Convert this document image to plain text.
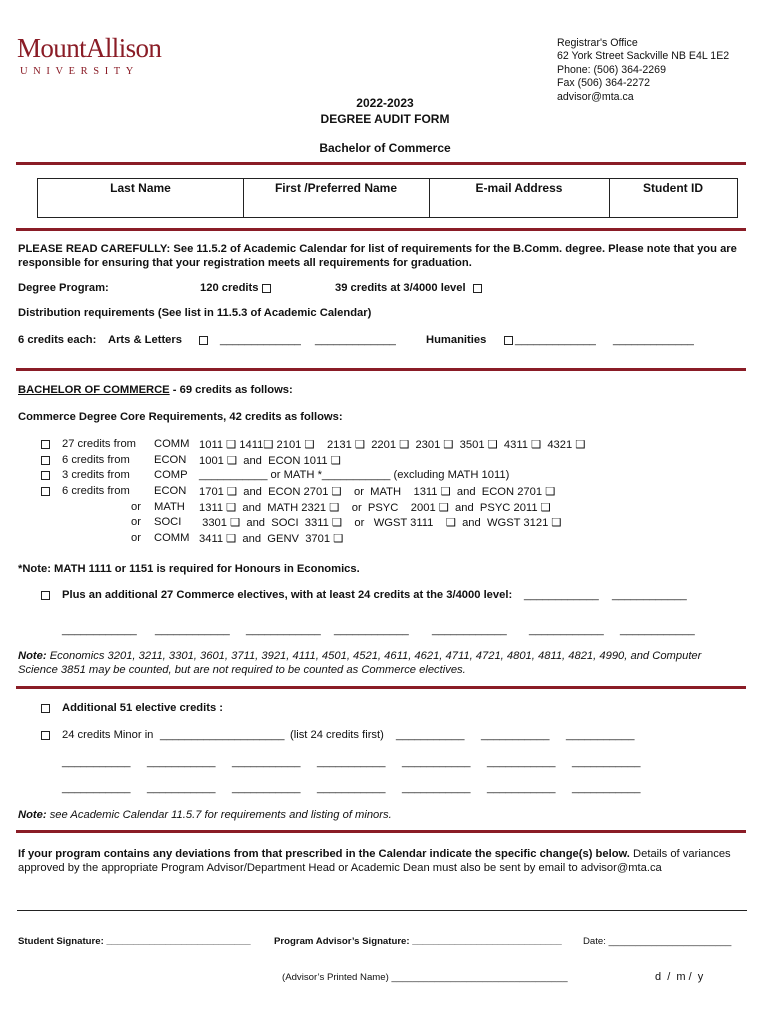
MountAllison
UNIVERSITY
Registrar's Office
62 York Street Sackville NB E4L 1E2
Phone: (506) 364-2269
Fax (506) 364-2272
advisor@mta.ca
2022-2023
DEGREE AUDIT FORM
Bachelor of Commerce
Last Name	First /Preferred Name	E-mail Address	Student ID
PLEASE READ CAREFULLY: See 11.5.2 of Academic Calendar for list of requirements for the B.Comm. degree. Please note that you are
responsible for ensuring that your registration meets all requirements for graduation.
Degree Program:	120 credits	39 credits at 3/4000 level
Distribution requirements (See list in 11.5.3 of Academic Calendar)
6 credits each: Arts & Letters	_____________ _____________	Humanities	_____________ _____________
BACHELOR OF COMMERCE - 69 credits as follows:
Commerce Degree Core Requirements, 42 credits as follows:
27 credits from COMM 1011 ❑ 1411❑ 2101 ❑    2131 ❑  2201 ❑  2301 ❑  3501 ❑  4311 ❑  4321 ❑
6 credits from ECON 1001 ❑  and  ECON 1011 ❑
3 credits from COMP ___________ or MATH *___________ (excluding MATH 1011)
6 credits from ECON 1701 ❑  and  ECON 2701 ❑    or  MATH    1311 ❑  and  ECON 2701 ❑
or MATH 1311 ❑  and  MATH 2321 ❑    or  PSYC    2001 ❑  and  PSYC 2011 ❑
or SOCI 3301 ❑  and  SOCI  3311 ❑    or   WGST 3111    ❑  and  WGST 3121 ❑
or COMM 3411 ❑  and  GENV  3701 ❑
*Note: MATH 1111 or 1151 is required for Honours in Economics.
Plus an additional 27 Commerce electives, with at least 24 credits at the 3/4000 level: ____________ ____________
____________ ____________ ____________ ____________ ____________ ____________ ____________
Note: Economics 3201, 3211, 3301, 3601, 3711, 3921, 4111, 4501, 4521, 4611, 4621, 4711, 4721, 4801, 4811, 4821, 4990, and Computer
Science 3851 may be counted, but are not required to be counted as Commerce electives.
Additional 51 elective credits :
24 credits Minor in ____________________ (list 24 credits first) ___________ ___________ ___________
___________ ___________ ___________ ___________ ___________ ___________ ___________
___________ ___________ ___________ ___________ ___________ ___________ ___________
Note: see Academic Calendar 11.5.7 for requirements and listing of minors.
If your program contains any deviations from that prescribed in the Calendar indicate the specific change(s) below. Details of variances
approved by the appropriate Program Advisor/Department Head or Academic Dean must also be sent by email to advisor@mta.ca
Student Signature: ___________________________ Program Advisor’s Signature: ____________________________ Date: _______________________
(Advisor’s Printed Name) _________________________________	d  /  m /  y
